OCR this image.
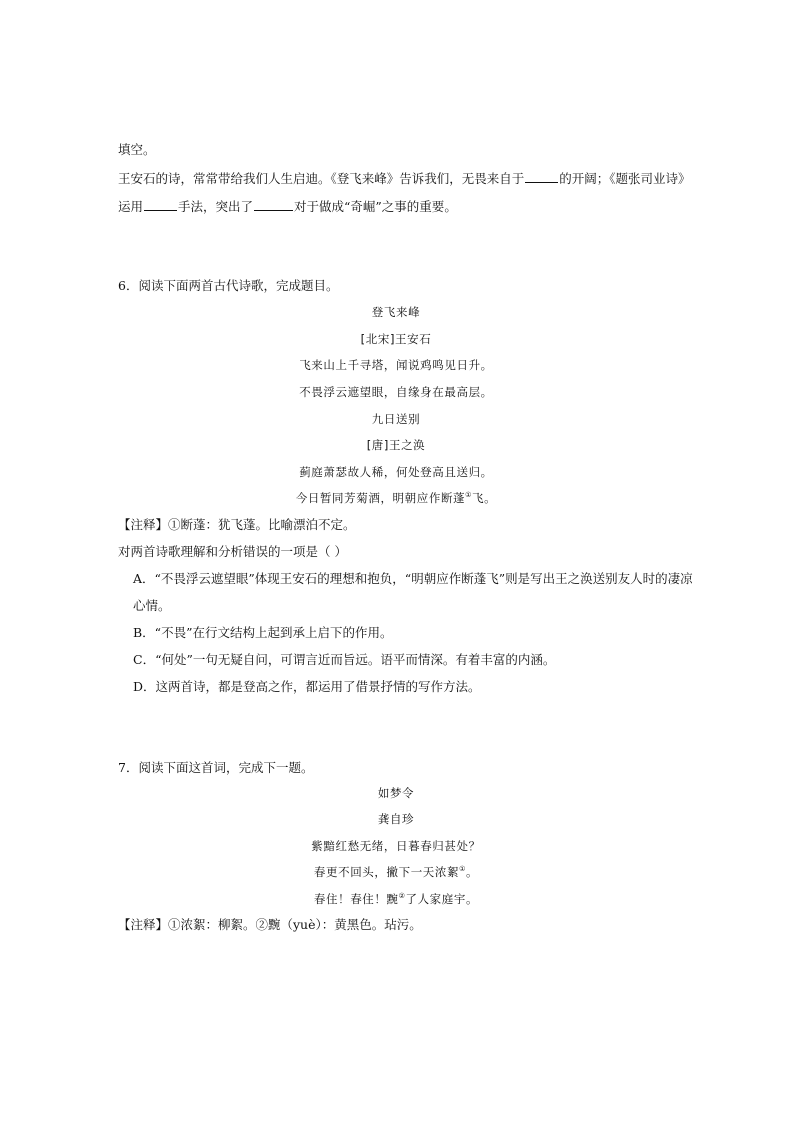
填空。
王安石的诗，常常带给我们人生启迪。《登飞来峰》告诉我们，无畏来自于	的开阔；《题张司业诗》
运用	手法，突出了	对于做成“奇崛”之事的重要。
6．阅读下面两首古代诗歌，完成题目。
登飞来峰
[北宋]王安石
飞来山上千寻塔，闻说鸡鸣见日升。
不畏浮云遮望眼，自缘身在最高层。
九日送别
[唐]王之涣
蓟庭萧瑟故人稀，何处登高且送归。
今日暂同芳菊酒，明朝应作断蓬①飞。
【注释】①断蓬：犹飞蓬。比喻漂泊不定。
对两首诗歌理解和分析错误的一项是（ ）
A．“不畏浮云遮望眼”体现王安石的理想和抱负，“明朝应作断蓬飞”则是写出王之涣送别友人时的凄凉
心情。
B．“不畏”在行文结构上起到承上启下的作用。
C．“何处”一句无疑自问，可谓言近而旨远。语平而情深。有着丰富的内涵。
D．这两首诗，都是登高之作，都运用了借景抒情的写作方法。
7．阅读下面这首词，完成下一题。
如梦令
龚自珍
紫黯红愁无绪，日暮春归甚处？
春更不回头，撇下一天浓絮①。
春住！春住！黦②了人家庭宇。
【注释】①浓絮：柳絮。②黦（yuè）：黄黑色。玷污。
